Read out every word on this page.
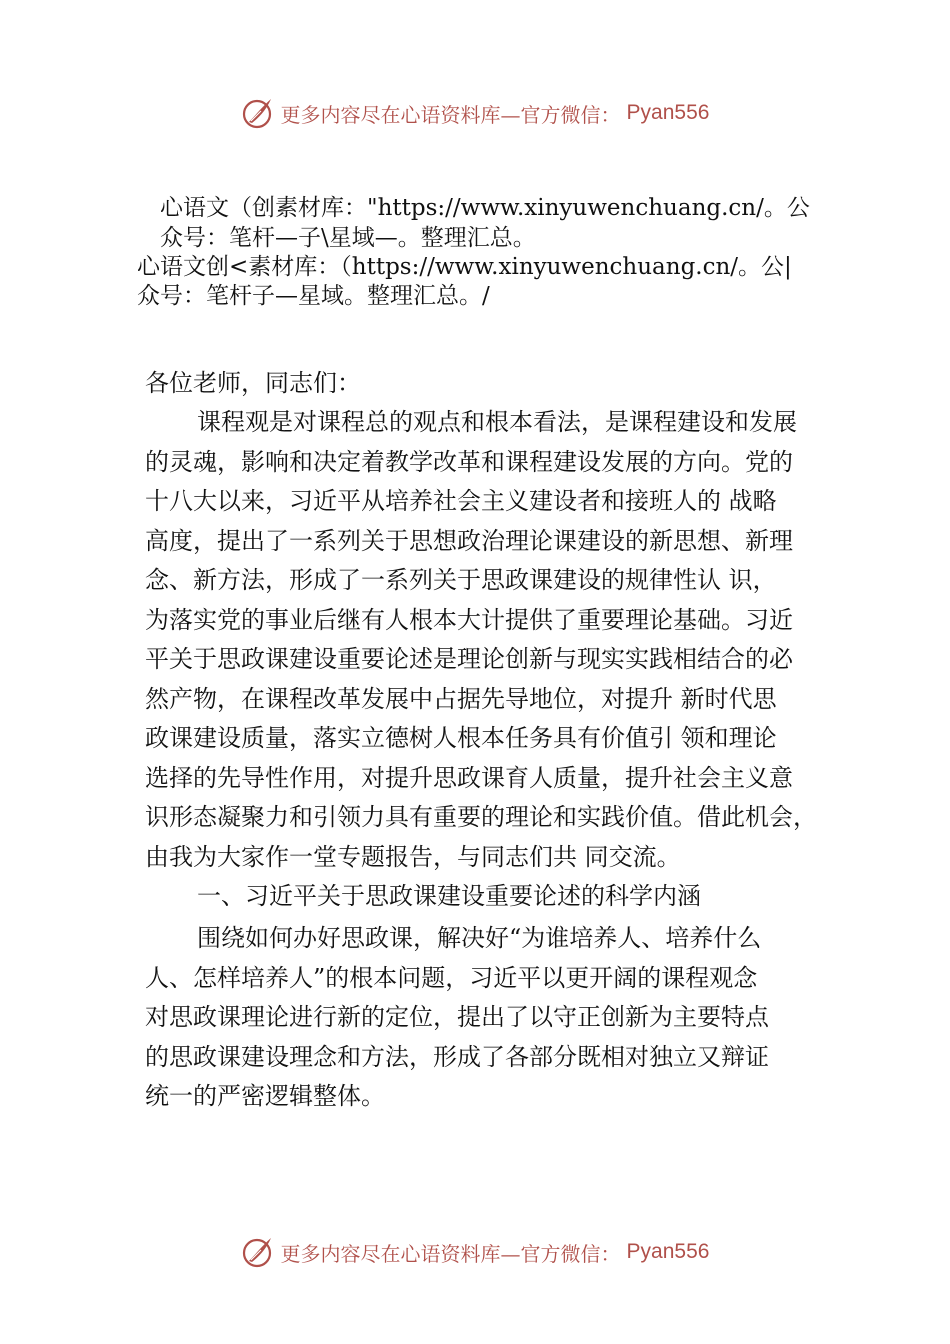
更多内容尽在心语资料库—官方微信： Pyan556
心语文（创素材库："https://www.xinyuwenchuang.cn/。公
众号：笔杆—子\星域—。整理汇总。
心语文创<素材库：（https://www.xinyuwenchuang.cn/。公|
众号：笔杆子—星域。整理汇总。/
各位老师，同志们：
课程观是对课程总的观点和根本看法，是课程建设和发展
的灵魂，影响和决定着教学改革和课程建设发展的方向。党的
十八大以来，习近平从培养社会主义建设者和接班人的 战略
高度，提出了一系列关于思想政治理论课建设的新思想、新理
念、新方法，形成了一系列关于思政课建设的规律性认 识，
为落实党的事业后继有人根本大计提供了重要理论基础。习近
平关于思政课建设重要论述是理论创新与现实实践相结合的必
然产物，在课程改革发展中占据先导地位，对提升 新时代思
政课建设质量，落实立德树人根本任务具有价值引 领和理论
选择的先导性作用，对提升思政课育人质量，提升社会主义意
识形态凝聚力和引领力具有重要的理论和实践价值。借此机会，
由我为大家作一堂专题报告，与同志们共 同交流。
一、习近平关于思政课建设重要论述的科学内涵
围绕如何办好思政课，解决好“为谁培养人、培养什么
人、怎样培养人”的根本问题，习近平以更开阔的课程观念
对思政课理论进行新的定位，提出了以守正创新为主要特点
的思政课建设理念和方法，形成了各部分既相对独立又辩证
统一的严密逻辑整体。
更多内容尽在心语资料库—官方微信： Pyan556
